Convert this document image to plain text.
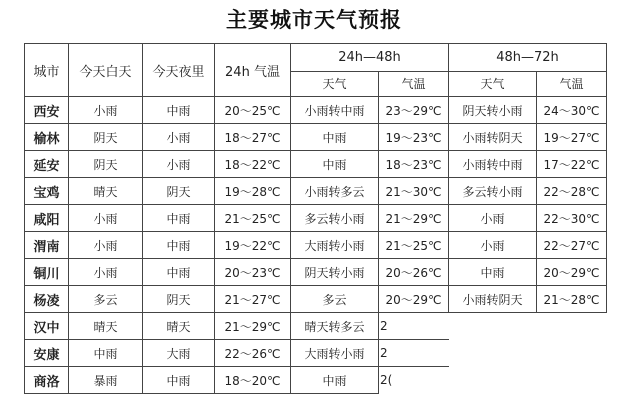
主要城市天气预报
城市	今天白天	今天夜里	24h 气温	24h—48h		48h—72h	
				天气	气温	天气	气温
西安	小雨	中雨	20～25℃	小雨转中雨	23～29℃	阴天转小雨	24～30℃
榆林	阴天	小雨	18～27℃	中雨	19～23℃	小雨转阴天	19～27℃
延安	阴天	小雨	18～22℃	中雨	18～23℃	小雨转中雨	17～22℃
宝鸡	晴天	阴天	19～28℃	小雨转多云	21～30℃	多云转小雨	22～28℃
咸阳	小雨	中雨	21～25℃	多云转小雨	21～29℃	小雨	22～30℃
渭南	小雨	中雨	19～22℃	大雨转小雨	21～25℃	小雨	22～27℃
铜川	小雨	中雨	20～23℃	阴天转小雨	20～26℃	中雨	20～29℃
杨凌	多云	阴天	21～27℃	多云	20～29℃	小雨转阴天	21～28℃
汉中	晴天	晴天	21～29℃	晴天转多云	2		
安康	中雨	大雨	22～26℃	大雨转小雨	2		
商洛	暴雨	中雨	18～20℃	中雨	2(		
